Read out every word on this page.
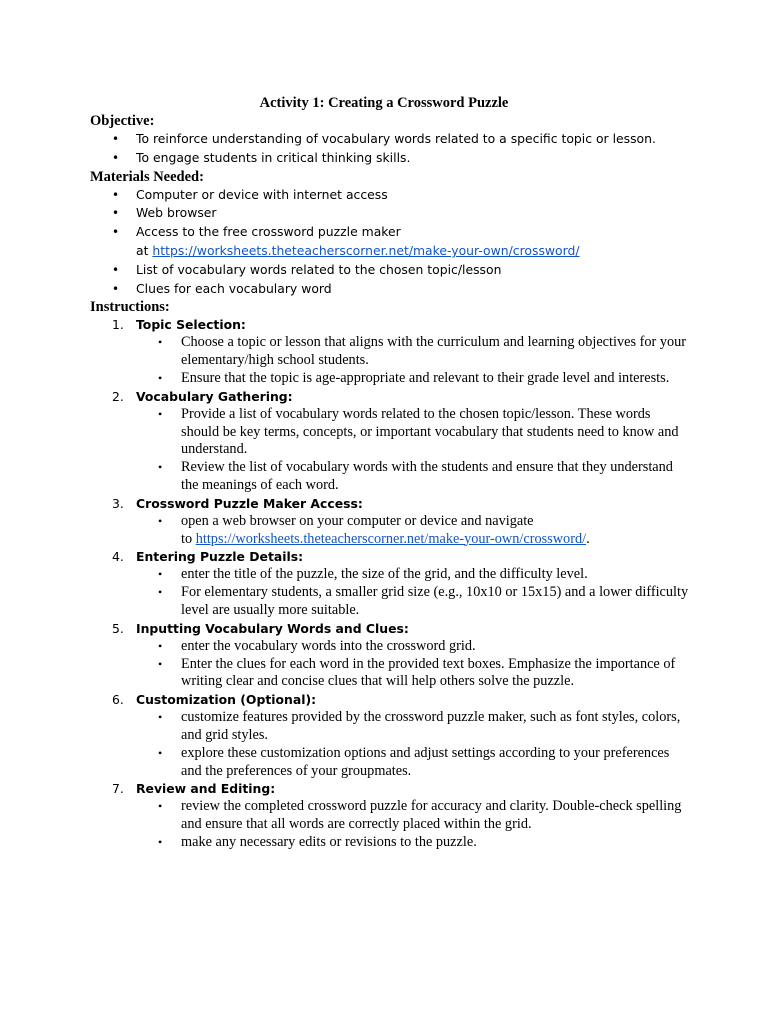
Activity 1: Creating a Crossword Puzzle
Objective:
• To reinforce understanding of vocabulary words related to a specific topic or lesson.
• To engage students in critical thinking skills.
Materials Needed:
• Computer or device with internet access
• Web browser
• Access to the free crossword puzzle maker
at https://worksheets.theteacherscorner.net/make-your-own/crossword/
• List of vocabulary words related to the chosen topic/lesson
• Clues for each vocabulary word
Instructions:
1. Topic Selection:
• Choose a topic or lesson that aligns with the curriculum and learning objectives for your elementary/high school students.
• Ensure that the topic is age-appropriate and relevant to their grade level and interests.
2. Vocabulary Gathering:
• Provide a list of vocabulary words related to the chosen topic/lesson. These words should be key terms, concepts, or important vocabulary that students need to know and understand.
• Review the list of vocabulary words with the students and ensure that they understand the meanings of each word.
3. Crossword Puzzle Maker Access:
• open a web browser on your computer or device and navigate
to https://worksheets.theteacherscorner.net/make-your-own/crossword/.
4. Entering Puzzle Details:
• enter the title of the puzzle, the size of the grid, and the difficulty level.
• For elementary students, a smaller grid size (e.g., 10x10 or 15x15) and a lower difficulty level are usually more suitable.
5. Inputting Vocabulary Words and Clues:
• enter the vocabulary words into the crossword grid.
• Enter the clues for each word in the provided text boxes. Emphasize the importance of writing clear and concise clues that will help others solve the puzzle.
6. Customization (Optional):
• customize features provided by the crossword puzzle maker, such as font styles, colors, and grid styles.
• explore these customization options and adjust settings according to your preferences and the preferences of your groupmates.
7. Review and Editing:
• review the completed crossword puzzle for accuracy and clarity. Double-check spelling and ensure that all words are correctly placed within the grid.
• make any necessary edits or revisions to the puzzle.
